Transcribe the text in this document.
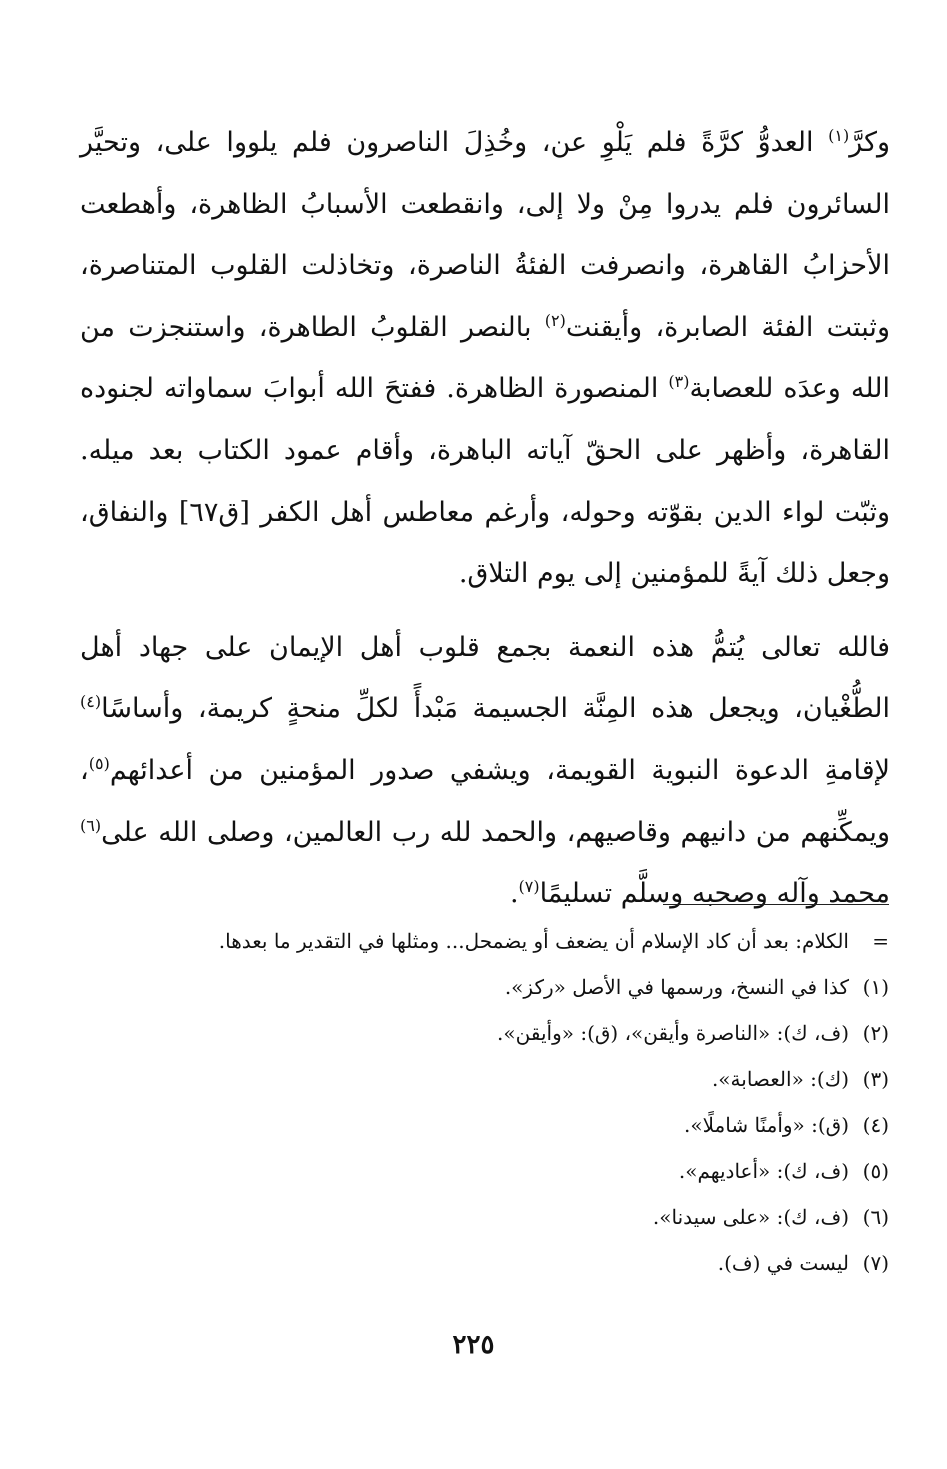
وكرَّ$^{(١)}$ العدوُّ كرَّةً فلم يَلْوِ عن، وخُذِلَ الناصرون فلم يلووا على، وتحيَّر السائرون فلم يدروا مِنْ ولا إلى، وانقطعت الأسبابُ الظاهرة، وأهطعت الأحزابُ القاهرة، وانصرفت الفئةُ الناصرة، وتخاذلت القلوب المتناصرة، وثبتت الفئة الصابرة، وأيقنت$^{(٢)}$ بالنصر القلوبُ الطاهرة، واستنجزت من الله وعدَه للعصابة$^{(٣)}$ المنصورة الظاهرة. ففتحَ الله أبوابَ سماواته لجنوده القاهرة، وأظهر على الحقّ آياته الباهرة، وأقام عمود الكتاب بعد ميله. وثبّت لواء الدين بقوّته وحوله، وأرغم معاطس أهل الكفر [ق٦٧] والنفاق، وجعل ذلك آيةً للمؤمنين إلى يوم التلاق.

فالله تعالى يُتمُّ هذه النعمة بجمع قلوب أهل الإيمان على جهاد أهل الطُّغْيان، ويجعل هذه المِنَّة الجسيمة مَبْدأً لكلِّ منحةٍ كريمة، وأساسًا$^{(٤)}$ لإقامةِ الدعوة النبوية القويمة، ويشفي صدور المؤمنين من أعدائهم$^{(٥)}$، ويمكِّنهم من دانيهم وقاصيهم، والحمد لله رب العالمين، وصلى الله على$^{(٦)}$ محمد وآله وصحبه وسلَّم تسليمًا$^{(٧)}$.

=الكلام: بعد أن كاد الإسلام أن يضعف أو يضمحل... ومثلها في التقدير ما بعدها.
(١)كذا في النسخ، ورسمها في الأصل «ركز».
(٢)(ف، ك): «الناصرة وأيقن»، (ق): «وأيقن».
(٣)(ك): «العصابة».
(٤)(ق): «وأمنًا شاملًا».
(٥)(ف، ك): «أعاديهم».
(٦)(ف، ك): «على سيدنا».
(٧)ليست في (ف).
٢٢٥
